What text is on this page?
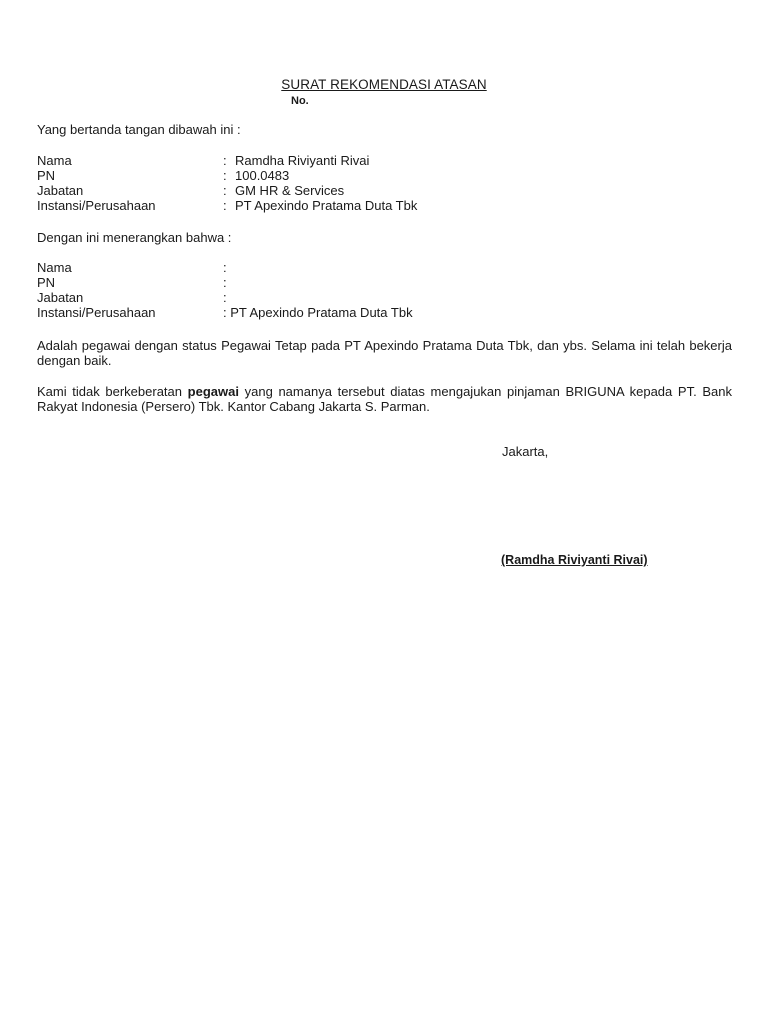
SURAT REKOMENDASI ATASAN
No.
Yang bertanda tangan dibawah ini :
Nama	: Ramdha Riviyanti Rivai
PN	: 100.0483
Jabatan	: GM HR & Services
Instansi/Perusahaan	: PT Apexindo Pratama Duta Tbk
Dengan ini menerangkan bahwa :
Nama	:
PN	:
Jabatan	:
Instansi/Perusahaan	: PT Apexindo Pratama Duta Tbk
Adalah pegawai dengan status Pegawai Tetap pada PT Apexindo Pratama Duta Tbk, dan ybs. Selama ini telah bekerja dengan baik.
Kami tidak berkeberatan pegawai yang namanya tersebut diatas mengajukan pinjaman BRIGUNA kepada PT. Bank Rakyat Indonesia (Persero) Tbk. Kantor Cabang Jakarta S. Parman.
Jakarta,
(Ramdha Riviyanti Rivai)
